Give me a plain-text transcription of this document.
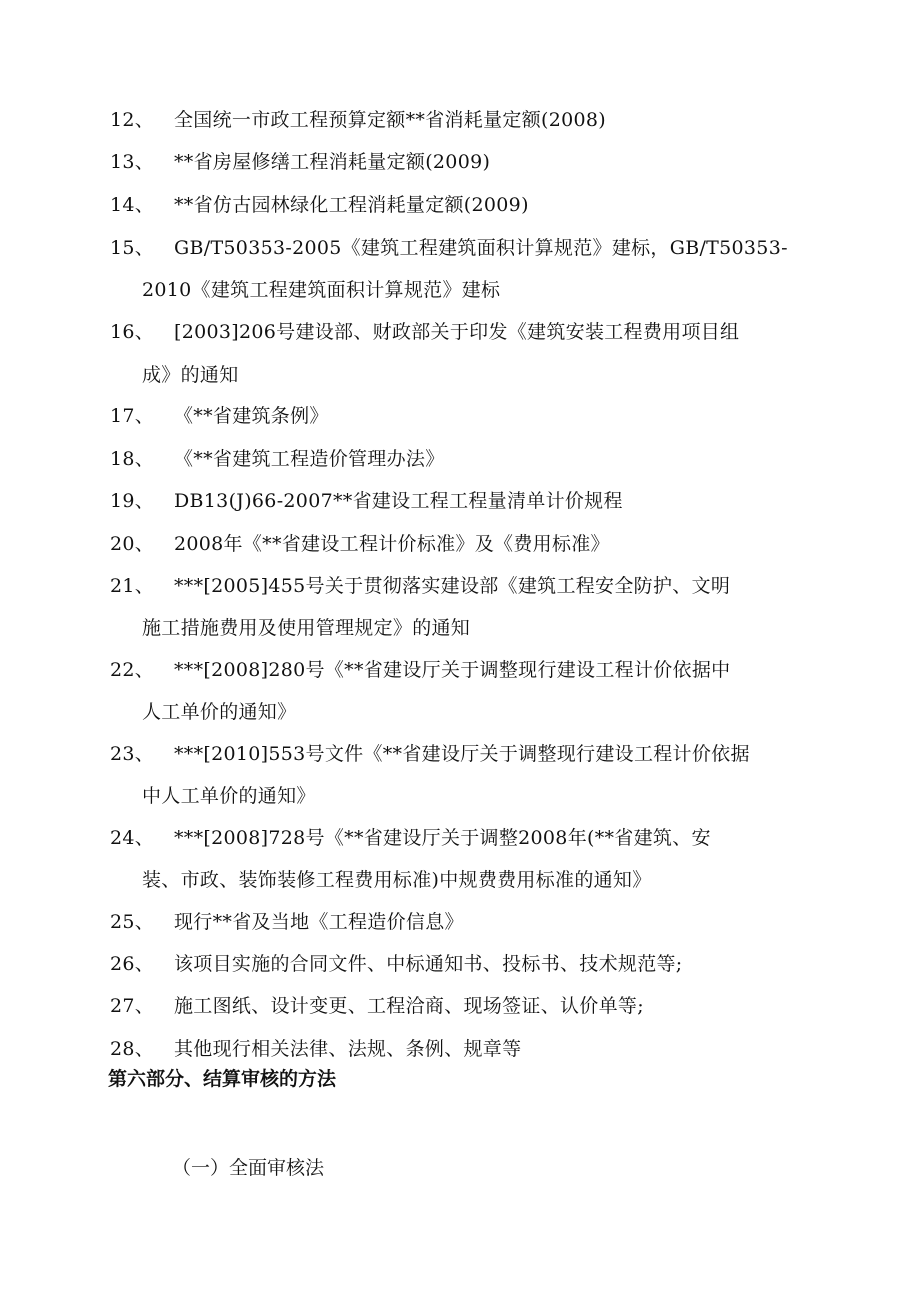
12、 全国统一市政工程预算定额**省消耗量定额(2008)
13、 **省房屋修缮工程消耗量定额(2009)
14、 **省仿古园林绿化工程消耗量定额(2009)
15、 GB/T50353-2005《建筑工程建筑面积计算规范》建标，GB/T50353-
2010《建筑工程建筑面积计算规范》建标
16、 [2003]206号建设部、财政部关于印发《建筑安装工程费用项目组
成》的通知
17、 《**省建筑条例》
18、 《**省建筑工程造价管理办法》
19、 DB13(J)66-2007**省建设工程工程量清单计价规程
20、 2008年《**省建设工程计价标准》及《费用标准》
21、 ***[2005]455号关于贯彻落实建设部《建筑工程安全防护、文明
施工措施费用及使用管理规定》的通知
22、 ***[2008]280号《**省建设厅关于调整现行建设工程计价依据中
人工单价的通知》
23、 ***[2010]553号文件《**省建设厅关于调整现行建设工程计价依据
中人工单价的通知》
24、 ***[2008]728号《**省建设厅关于调整2008年(**省建筑、安
装、市政、装饰装修工程费用标准)中规费费用标准的通知》
25、 现行**省及当地《工程造价信息》
26、 该项目实施的合同文件、中标通知书、投标书、技术规范等;
27、 施工图纸、设计变更、工程洽商、现场签证、认价单等;
28、 其他现行相关法律、法规、条例、规章等
第六部分、结算审核的方法
（一）全面审核法
